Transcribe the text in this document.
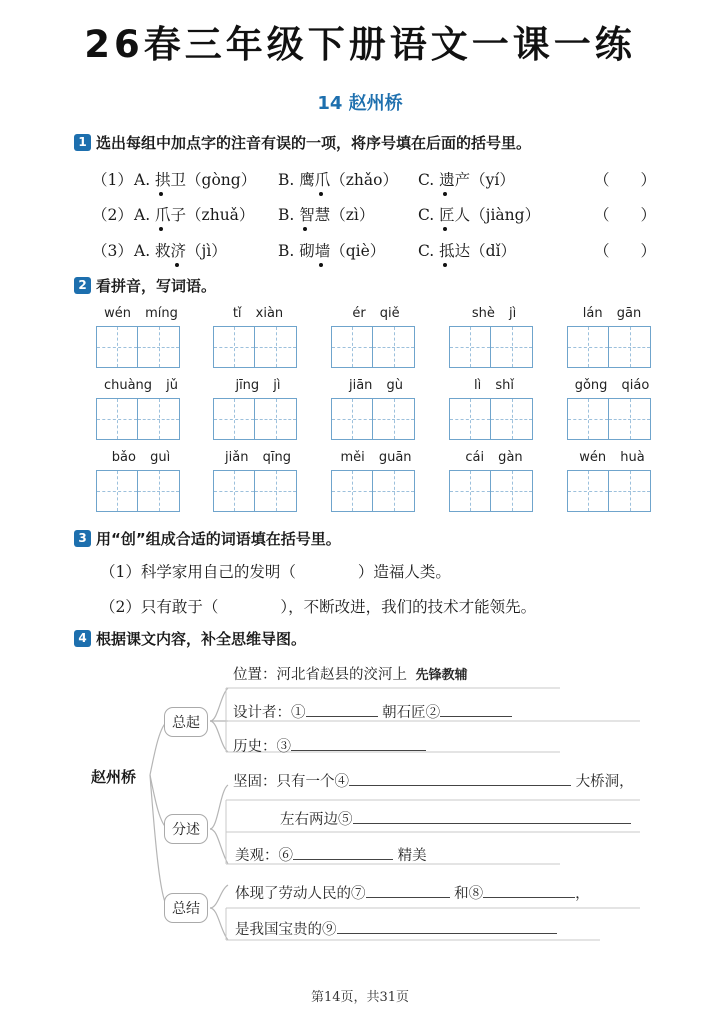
26春三年级下册语文一课一练
14 赵州桥
1 选出每组中加点字的注音有误的一项，将序号填在后面的括号里。
（1） A. 拱卫（gòng） B. 鹰爪（zhǎo） C. 遗产（yí）	（　　）
（2） A. 爪子（zhuǎ） B. 智慧（zì）	C. 匠人（jiàng）	（　　）
（3） A. 救济（jì）	B. 砌墙（qiè） C. 抵达（dǐ）	（　　）
2 看拼音，写词语。
wén míng	tǐ xiàn	ér qiě	shè jì	lán gān
chuàng jǔ	jīng jì	jiān gù	lì shǐ	gǒng qiáo
bǎo guì	jiǎn qīng	měi guān	cái gàn	wén huà
3 用“创”组成合适的词语填在括号里。
（1）科学家用自己的发明（　　　　）造福人类。
（2）只有敢于（　　　　），不断改进，我们的技术才能领先。
4 根据课文内容，补全思维导图。
赵州桥
总起
分述
总结
位置：河北省赵县的洨河上 先锋教辅
设计者：①	朝石匠②
历史：③
坚固：只有一个④	大桥洞，
左右两边⑤
美观：⑥	精美
体现了劳动人民的⑦	和⑧	，
是我国宝贵的⑨
第14页，共31页
